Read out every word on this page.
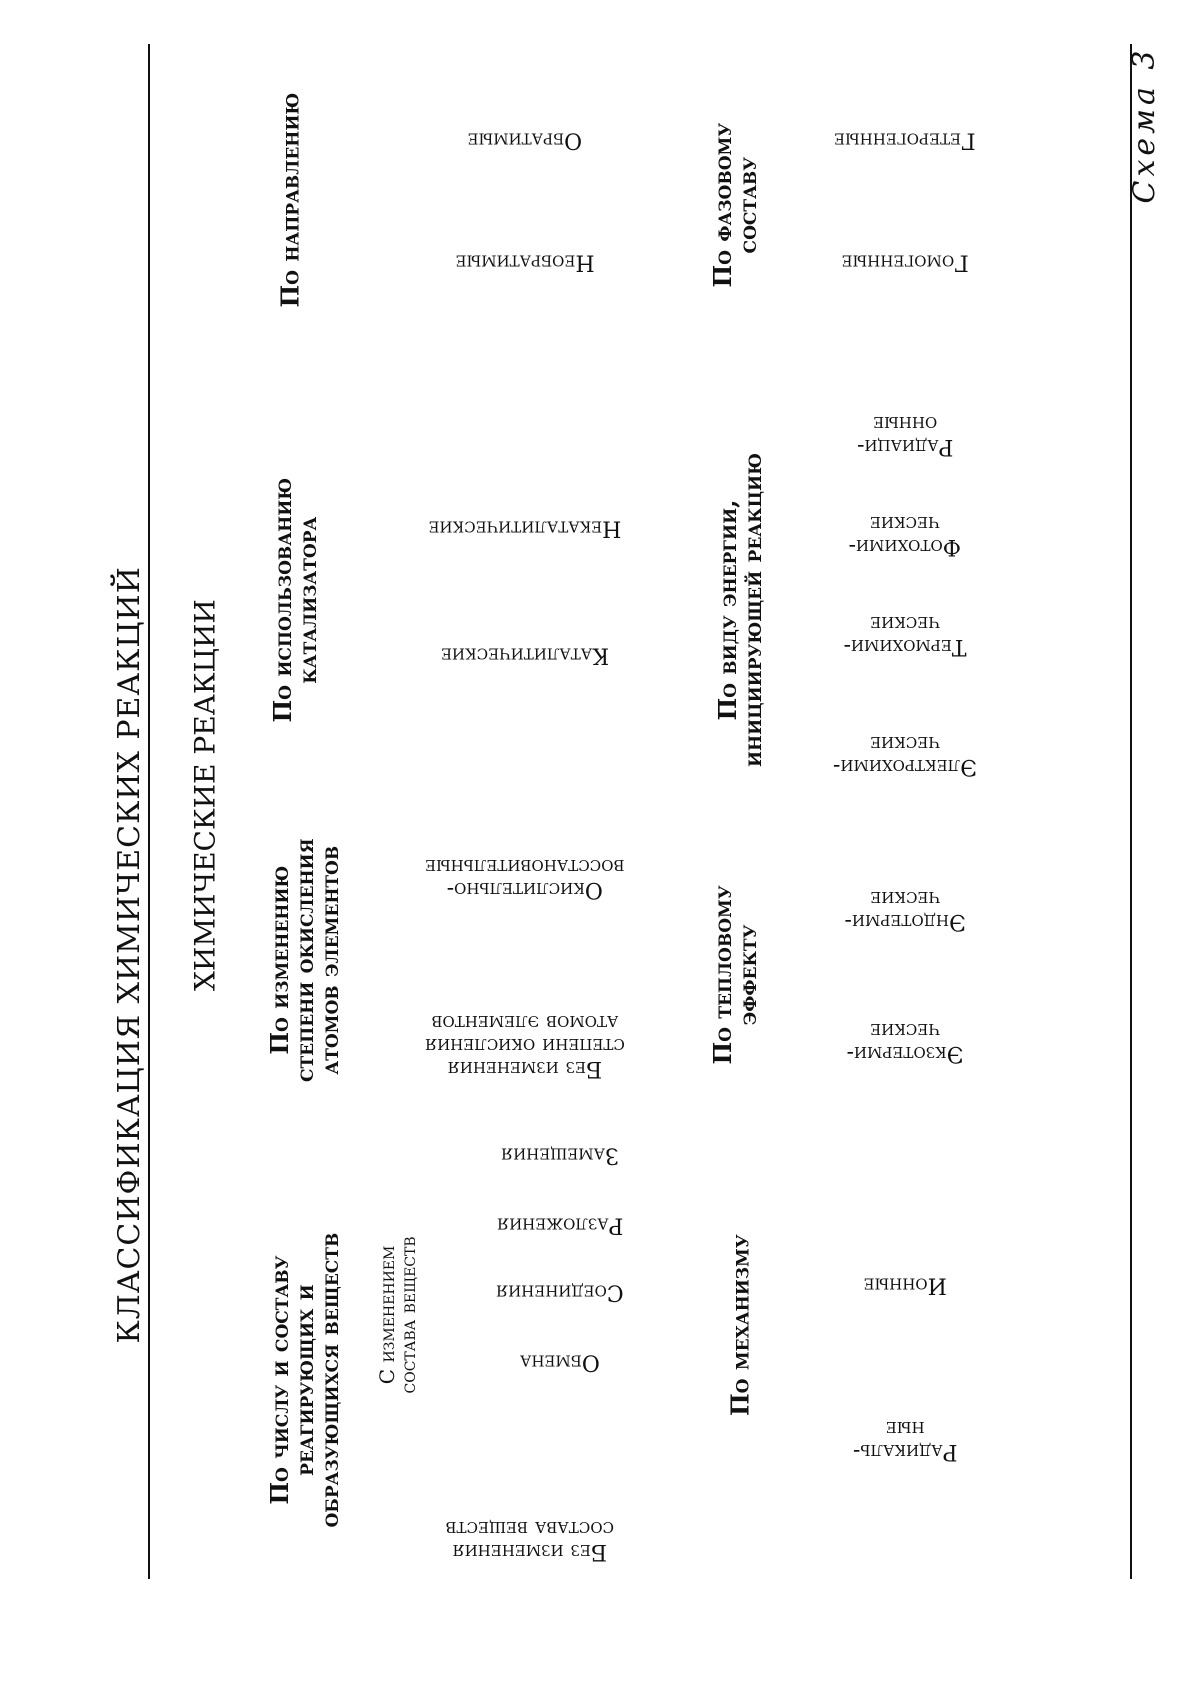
КЛАССИФИКАЦИЯ ХИМИЧЕСКИХ РЕАКЦИЙ
Схема 3
ХИМИЧЕСКИЕ РЕАКЦИИ
По числу и составу
реагирующих и
образующихся веществ
По изменению
степени окисления
атомов элементов
По использованию
катализатора
По направлению
С изменением
состава веществ
Без изменения
состава веществ
Обмена
Соединения
Разложения
Замещения
Без изменения
степени окисления
атомов элементов
Окислительно-
восстановительные
Каталитические
Некаталитические
Необратимые
Обратимые
По механизму
По тепловому
эффекту
По виду энергии,
инициирующей реакцию
По фазовому
составу
Радикаль-
ные
Ионные
Экзотерми-
ческие
Эндотерми-
ческие
Электрохими-
ческие
Термохими-
ческие
Фотохими-
ческие
Радиаци-
онные
Гомогенные
Гетерогенные
